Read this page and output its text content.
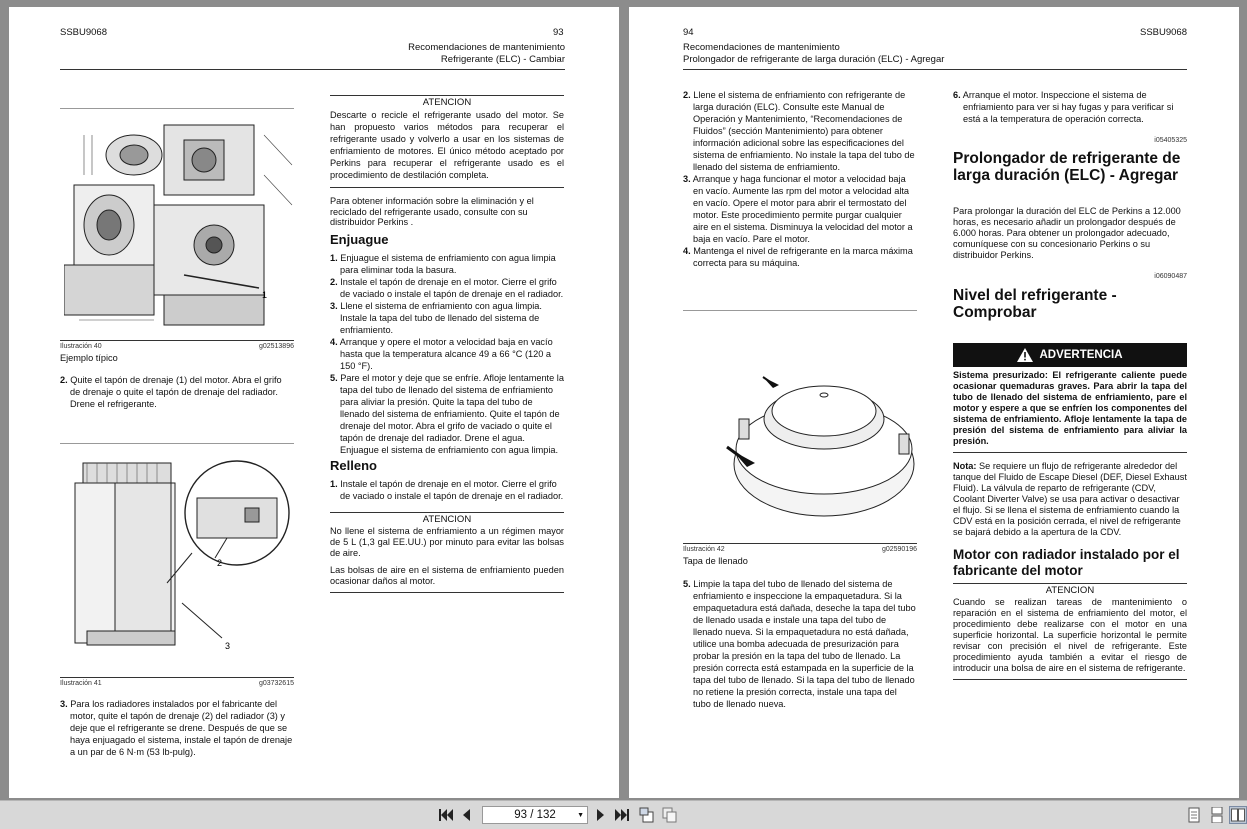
SSBU9068	93
Recomendaciones de mantenimiento
Refrigerante (ELC) - Cambiar
1
Ilustración 40	g02513896
Ejemplo típico

2. Quite el tapón de drenaje (1) del motor. Abra el grifo de drenaje o quite el tapón de drenaje del radiador.

Drene el refrigerante.

2
3
Ilustración 41	g03732615

3. Para los radiadores instalados por el fabricante del motor, quite el tapón de drenaje (2) del radiador (3) y deje que el refrigerante se drene. Después de que se haya enjuagado el sistema, instale el tapón de drenaje a un par de 6 N·m (53 lb-pulg).

ATENCION

Descarte o recicle el refrigerante usado del motor. Se han propuesto varios métodos para recuperar el refrigerante usado y volverlo a usar en los sistemas de enfriamiento de motores. El único método aceptado por Perkins para recuperar el refrigerante usado es el procedimiento de destilación completa.

Para obtener información sobre la eliminación y el reciclado del refrigerante usado, consulte con su distribuidor Perkins .

Enjuague

1. Enjuague el sistema de enfriamiento con agua limpia para eliminar toda la basura.

2. Instale el tapón de drenaje en el motor. Cierre el grifo de vaciado o instale el tapón de drenaje en el radiador.

3. Llene el sistema de enfriamiento con agua limpia. Instale la tapa del tubo de llenado del sistema de enfriamiento.

4. Arranque y opere el motor a velocidad baja en vacío hasta que la temperatura alcance 49 a 66 °C (120 a 150 °F).

5. Pare el motor y deje que se enfríe. Afloje lentamente la tapa del tubo de llenado del sistema de enfriamiento para aliviar la presión. Quite la tapa del tubo de llenado del sistema de enfriamiento. Quite el tapón de drenaje del motor. Abra el grifo de vaciado o quite el tapón de drenaje del radiador. Drene el agua. Enjuague el sistema de enfriamiento con agua limpia.

Relleno

1. Instale el tapón de drenaje en el motor. Cierre el grifo de vaciado o instale el tapón de drenaje en el radiador.

ATENCION

No llene el sistema de enfriamiento a un régimen mayor de 5 L (1,3 gal EE.UU.) por minuto para evitar las bolsas de aire.

Las bolsas de aire en el sistema de enfriamiento pueden ocasionar daños al motor.

94	SSBU9068
Recomendaciones de mantenimiento
Prolongador de refrigerante de larga duración (ELC) - Agregar

2. Llene el sistema de enfriamiento con refrigerante de larga duración (ELC). Consulte este Manual de Operación y Mantenimiento, “Recomendaciones de Fluidos” (sección Mantenimiento) para obtener información adicional sobre las especificaciones del sistema de enfriamiento. No instale la tapa del tubo de llenado del sistema de enfriamiento.

3. Arranque y haga funcionar el motor a velocidad baja en vacío. Aumente las rpm del motor a velocidad alta en vacío. Opere el motor para abrir el termostato del motor. Este procedimiento permite purgar cualquier aire en el sistema. Disminuya la velocidad del motor a baja en vacío. Pare el motor.

4. Mantenga el nivel de refrigerante en la marca máxima correcta para su máquina.

Ilustración 42	g02590196
Tapa de llenado

5. Limpie la tapa del tubo de llenado del sistema de enfriamiento e inspeccione la empaquetadura. Si la empaquetadura está dañada, deseche la tapa del tubo de llenado usada e instale una tapa del tubo de llenado nueva. Si la empaquetadura no está dañada, utilice una bomba adecuada de presurización para probar la presión en la tapa del tubo de llenado. La presión correcta está estampada en la superficie de la tapa del tubo de llenado. Si la tapa del tubo de llenado no retiene la presión correcta, instale una tapa del tubo de llenado nueva.

6. Arranque el motor. Inspeccione el sistema de enfriamiento para ver si hay fugas y para verificar si está a la temperatura de operación correcta.

i05405325
Prolongador de refrigerante de larga duración (ELC) - Agregar

Para prolongar la duración del ELC de Perkins a 12.000 horas, es necesario añadir un prolongador después de 6.000 horas. Para obtener un prolongador adecuado, comuníquese con su concesionario Perkins o su distribuidor Perkins.

i06090487
Nivel del refrigerante - Comprobar
ADVERTENCIA

Sistema presurizado: El refrigerante caliente puede ocasionar quemaduras graves. Para abrir la tapa del tubo de llenado del sistema de enfriamiento, pare el motor y espere a que se enfríen los componentes del sistema de enfriamiento. Afloje lentamente la tapa de presión del sistema de enfriamiento para aliviar la presión.

Nota: Se requiere un flujo de refrigerante alrededor del tanque del Fluido de Escape Diesel (DEF, Diesel Exhaust Fluid). La válvula de reparto de refrigerante (CDV, Coolant Diverter Valve) se usa para activar o desactivar el flujo. Si se llena el sistema de enfriamiento cuando la CDV está en la posición cerrada, el nivel de refrigerante se bajará debido a la apertura de la CDV.

Motor con radiador instalado por el fabricante del motor
ATENCION

Cuando se realizan tareas de mantenimiento o reparación en el sistema de enfriamiento del motor, el procedimiento debe realizarse con el motor en una superficie horizontal. La superficie horizontal le permite revisar con precisión el nivel de refrigerante. Este procedimiento ayuda también a evitar el riesgo de introducir una bolsa de aire en el sistema de refrigerante.

93 / 132	▼
